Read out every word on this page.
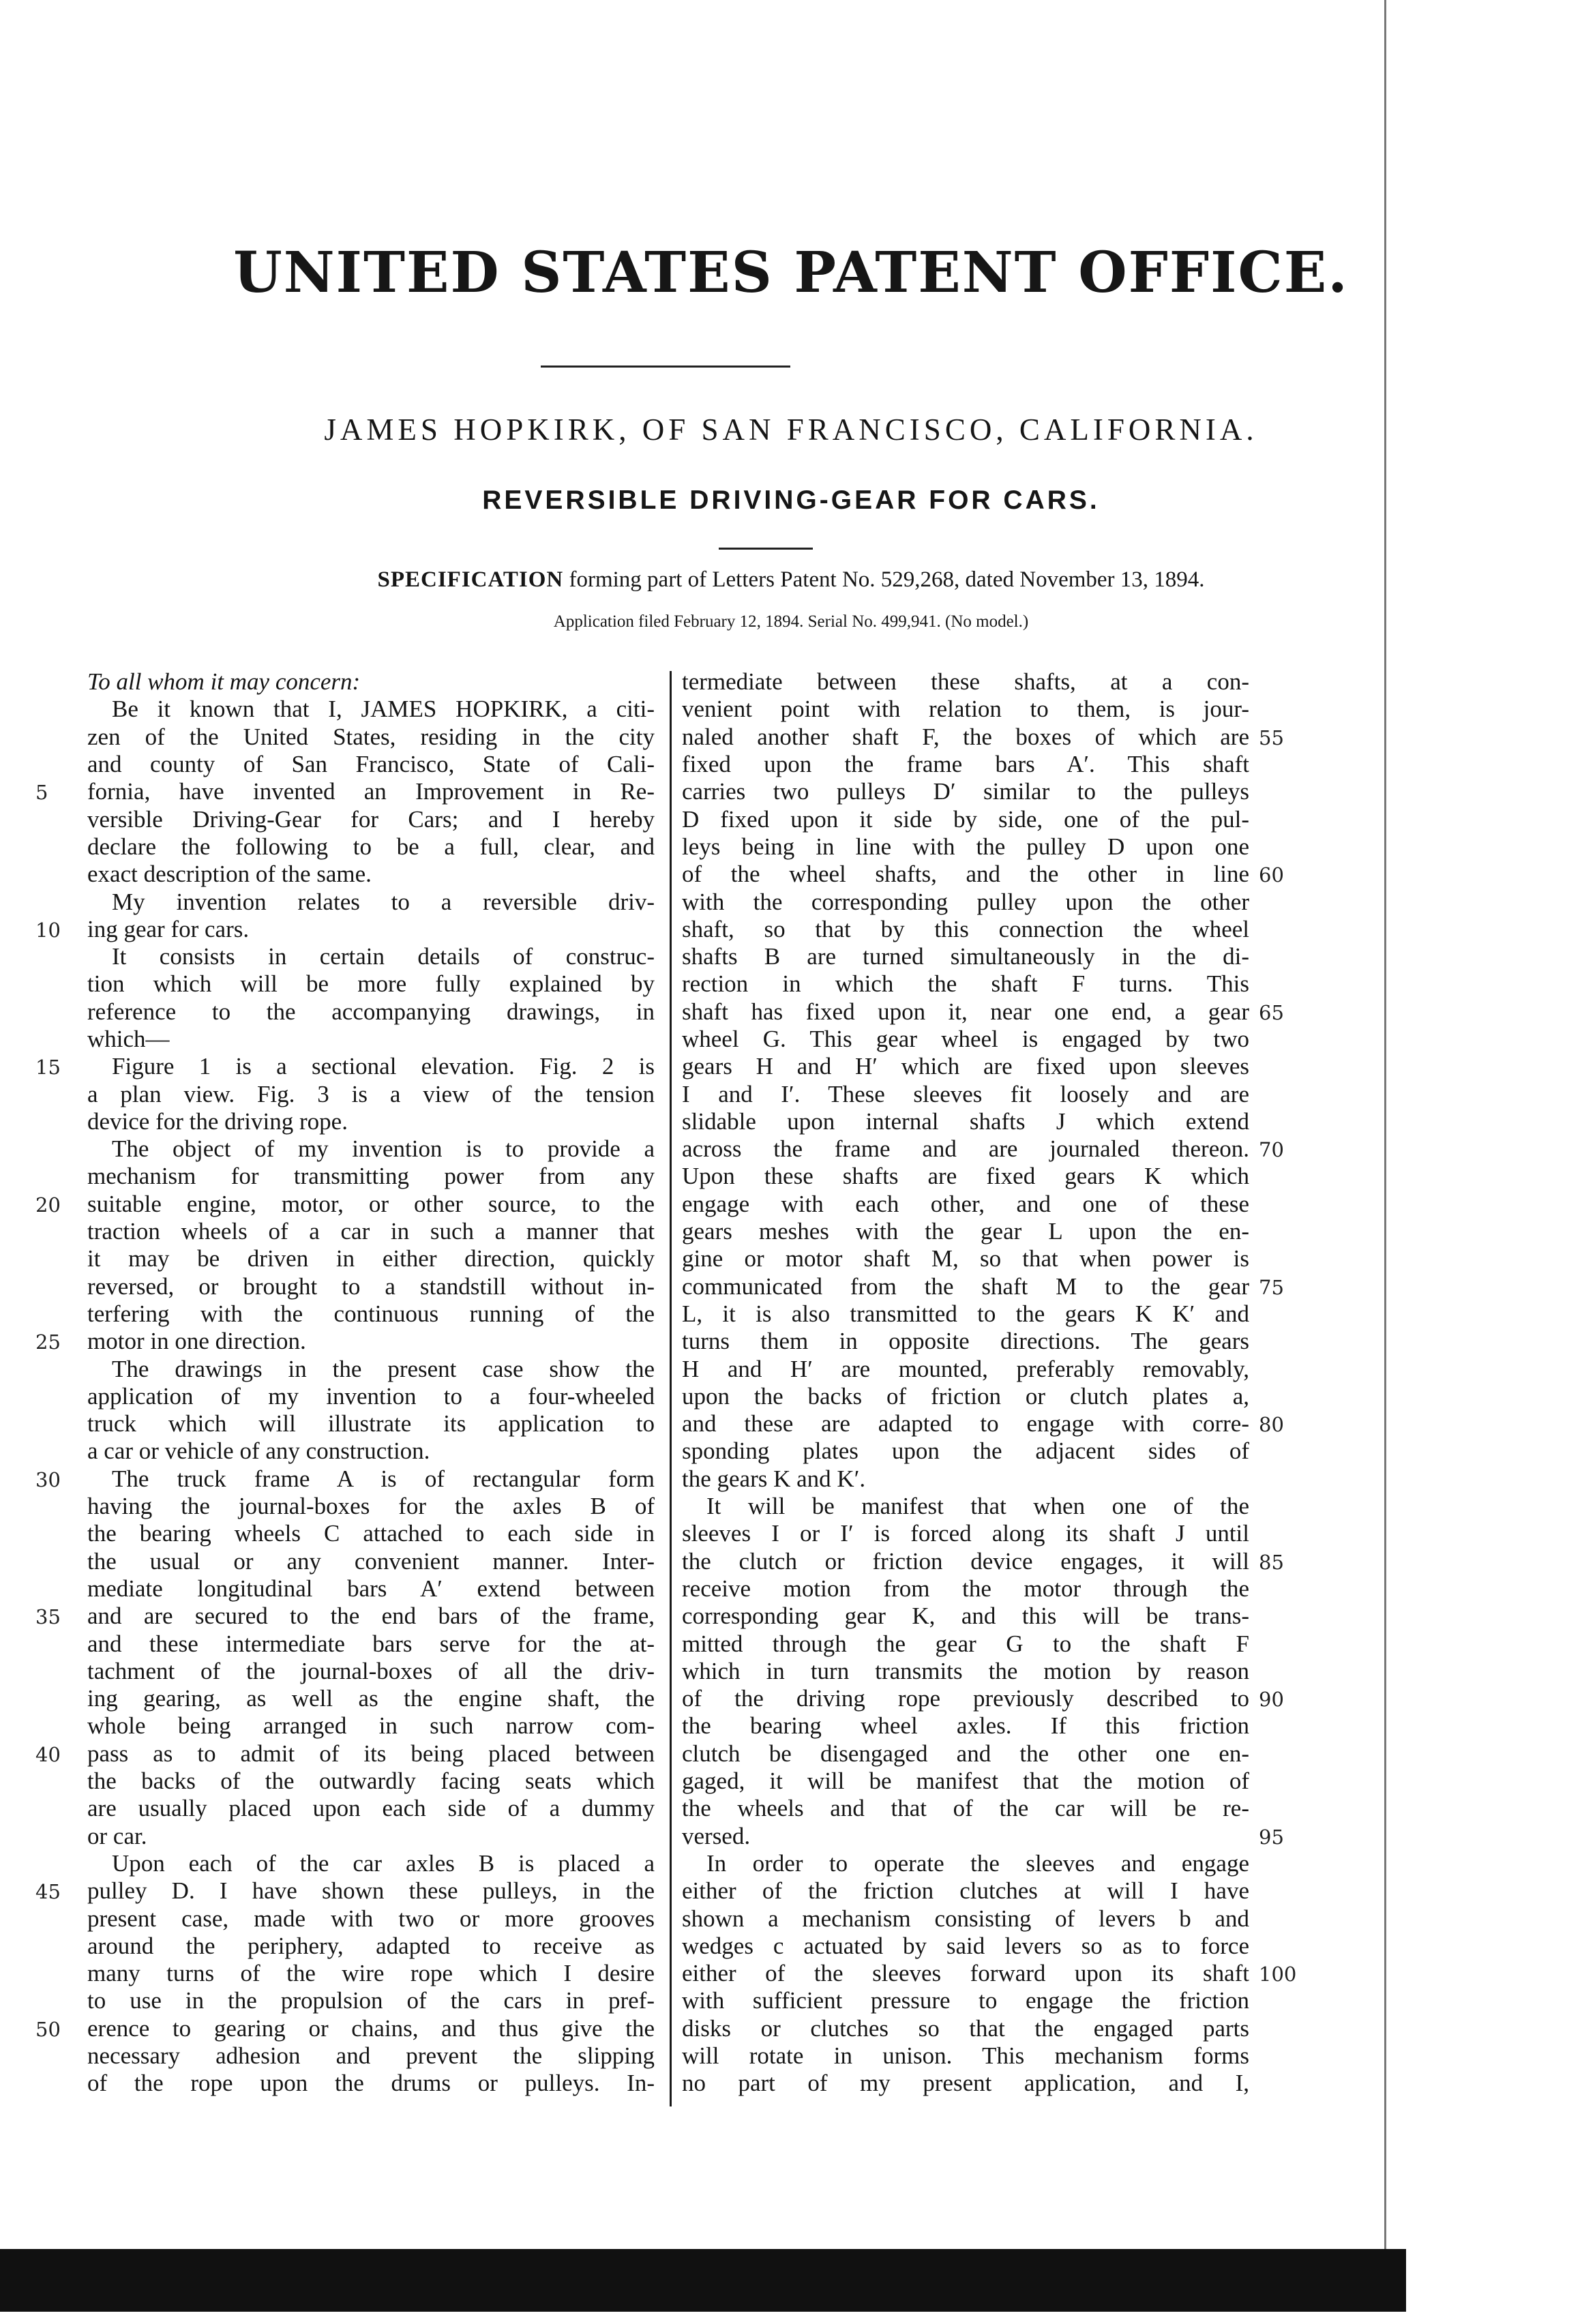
UNITED STATES PATENT OFFICE.

JAMES HOPKIRK, OF SAN FRANCISCO, CALIFORNIA.

REVERSIBLE DRIVING-GEAR FOR CARS.

SPECIFICATION forming part of Letters Patent No. 529,268, dated November 13, 1894.

Application filed February 12, 1894. Serial No. 499,941. (No model.)

To all whom it may concern:
Be it known that I, JAMES HOPKIRK, a citi-
zen of the United States, residing in the city
and county of San Francisco, State of Cali-
fornia, have invented an Improvement in Re-
versible Driving-Gear for Cars; and I hereby
declare the following to be a full, clear, and
exact description of the same.
My invention relates to a reversible driv-
ing gear for cars.
It consists in certain details of construc-
tion which will be more fully explained by
reference to the accompanying drawings, in
which—
Figure 1 is a sectional elevation. Fig. 2 is
a plan view. Fig. 3 is a view of the tension
device for the driving rope.
The object of my invention is to provide a
mechanism for transmitting power from any
suitable engine, motor, or other source, to the
traction wheels of a car in such a manner that
it may be driven in either direction, quickly
reversed, or brought to a standstill without in-
terfering with the continuous running of the
motor in one direction.
The drawings in the present case show the
application of my invention to a four-wheeled
truck which will illustrate its application to
a car or vehicle of any construction.
The truck frame A is of rectangular form
having the journal-boxes for the axles B of
the bearing wheels C attached to each side in
the usual or any convenient manner. Inter-
mediate longitudinal bars A′ extend between
and are secured to the end bars of the frame,
and these intermediate bars serve for the at-
tachment of the journal-boxes of all the driv-
ing gearing, as well as the engine shaft, the
whole being arranged in such narrow com-
pass as to admit of its being placed between
the backs of the outwardly facing seats which
are usually placed upon each side of a dummy
or car.
Upon each of the car axles B is placed a
pulley D. I have shown these pulleys, in the
present case, made with two or more grooves
around the periphery, adapted to receive as
many turns of the wire rope which I desire
to use in the propulsion of the cars in pref-
erence to gearing or chains, and thus give the
necessary adhesion and prevent the slipping
of the rope upon the drums or pulleys. In-
termediate between these shafts, at a con-
venient point with relation to them, is jour-
naled another shaft F, the boxes of which are
fixed upon the frame bars A′. This shaft
carries two pulleys D′ similar to the pulleys
D fixed upon it side by side, one of the pul-
leys being in line with the pulley D upon one
of the wheel shafts, and the other in line
with the corresponding pulley upon the other
shaft, so that by this connection the wheel
shafts B are turned simultaneously in the di-
rection in which the shaft F turns. This
shaft has fixed upon it, near one end, a gear
wheel G. This gear wheel is engaged by two
gears H and H′ which are fixed upon sleeves
I and I′. These sleeves fit loosely and are
slidable upon internal shafts J which extend
across the frame and are journaled thereon.
Upon these shafts are fixed gears K which
engage with each other, and one of these
gears meshes with the gear L upon the en-
gine or motor shaft M, so that when power is
communicated from the shaft M to the gear
L, it is also transmitted to the gears K K′ and
turns them in opposite directions. The gears
H and H′ are mounted, preferably removably,
upon the backs of friction or clutch plates a,
and these are adapted to engage with corre-
sponding plates upon the adjacent sides of
the gears K and K′.
It will be manifest that when one of the
sleeves I or I′ is forced along its shaft J until
the clutch or friction device engages, it will
receive motion from the motor through the
corresponding gear K, and this will be trans-
mitted through the gear G to the shaft F
which in turn transmits the motion by reason
of the driving rope previously described to
the bearing wheel axles. If this friction
clutch be disengaged and the other one en-
gaged, it will be manifest that the motion of
the wheels and that of the car will be re-
versed.
In order to operate the sleeves and engage
either of the friction clutches at will I have
shown a mechanism consisting of levers b and
wedges c actuated by said levers so as to force
either of the sleeves forward upon its shaft
with sufficient pressure to engage the friction
disks or clutches so that the engaged parts
will rotate in unison. This mechanism forms
no part of my present application, and I,
5
10
15
20
25
30
35
40
45
50
55
60
65
70
75
80
85
90
95
100
